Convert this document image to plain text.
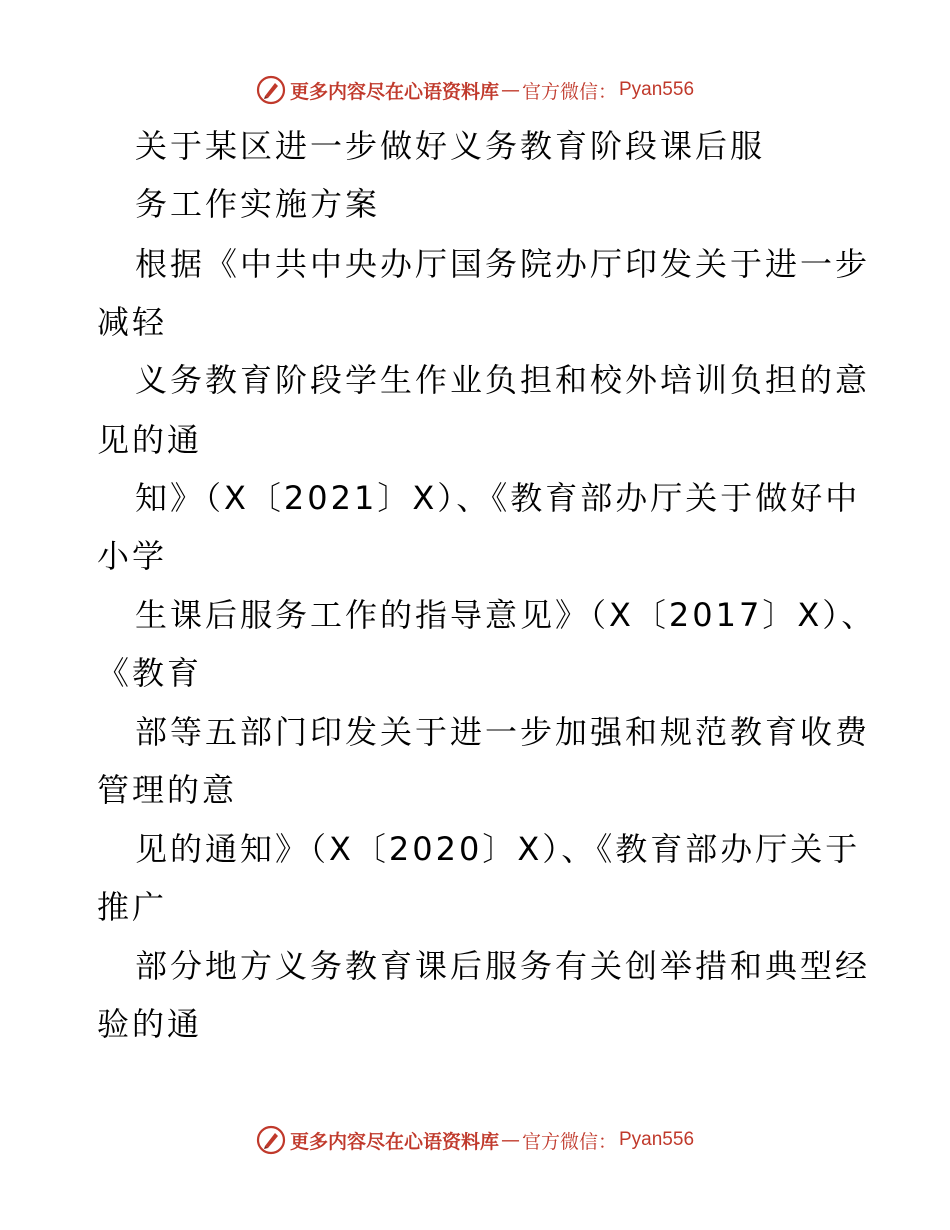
更多内容尽在心语资料库 — 官方微信： Pyan556
关于某区进一步做好义务教育阶段课后服
务工作实施方案
根据《中共中央办厅国务院办厅印发关于进一步
减轻
义务教育阶段学生作业负担和校外培训负担的意
见的通
知》（X〔2021〕X）、《教育部办厅关于做好中
小学
生课后服务工作的指导意见》（X〔2017〕X）、
《教育
部等五部门印发关于进一步加强和规范教育收费
管理的意
见的通知》（X〔2020〕X）、《教育部办厅关于
推广
部分地方义务教育课后服务有关创举措和典型经
验的通
更多内容尽在心语资料库 — 官方微信： Pyan556
